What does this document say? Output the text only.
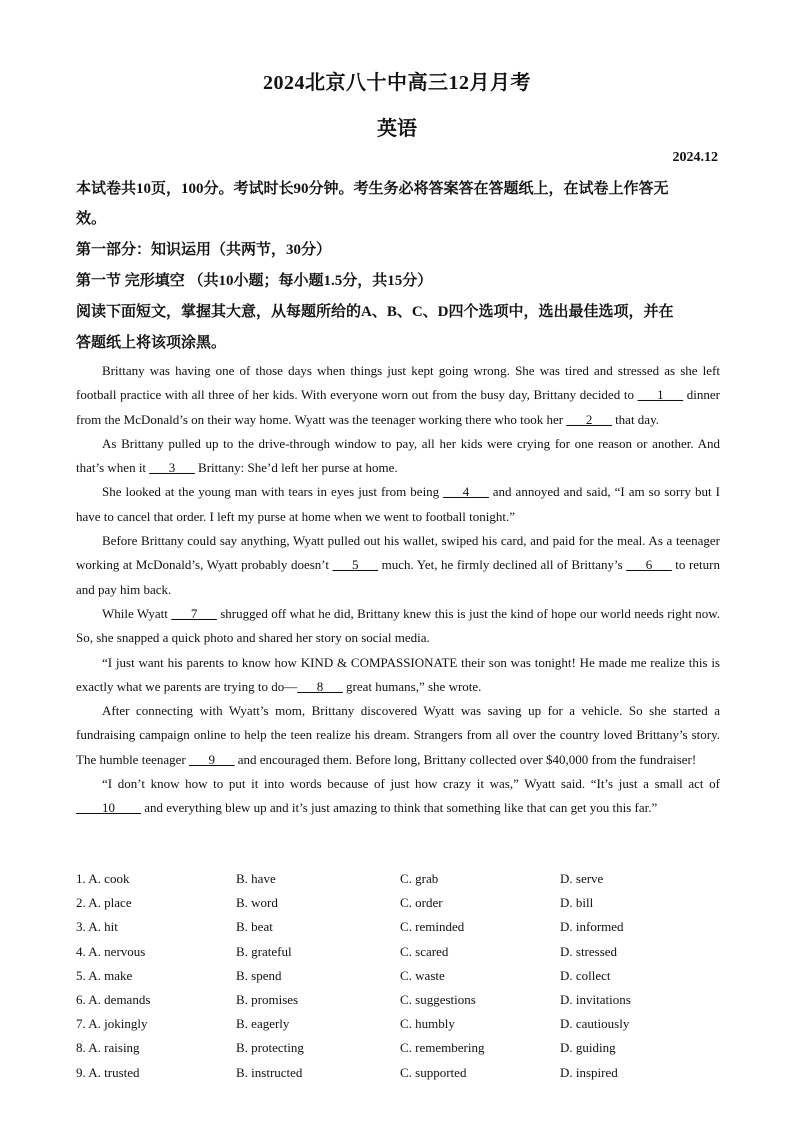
2024北京八十中高三12月月考
英语
2024.12
本试卷共10页，100分。考试时长90分钟。考生务必将答案答在答题纸上，在试卷上作答无
效。
第一部分：知识运用（共两节，30分）
第一节 完形填空 （共10小题；每小题1.5分，共15分）
阅读下面短文，掌握其大意，从每题所给的A、B、C、D四个选项中，选出最佳选项，并在
答题纸上将该项涂黑。

Brittany was having one of those days when things just kept going wrong. She was tired and stressed as she left football practice with all three of her kids. With everyone worn out from the busy day, Brittany decided to ___1___ dinner from the McDonald’s on their way home. Wyatt was the teenager working there who took her ___2___ that day.

As Brittany pulled up to the drive-through window to pay, all her kids were crying for one reason or another. And that’s when it ___3___ Brittany: She’d left her purse at home.

She looked at the young man with tears in eyes just from being ___4___ and annoyed and said, “I am so sorry but I have to cancel that order. I left my purse at home when we went to football tonight.”

Before Brittany could say anything, Wyatt pulled out his wallet, swiped his card, and paid for the meal. As a teenager working at McDonald’s, Wyatt probably doesn’t ___5___ much. Yet, he firmly declined all of Brittany’s ___6___ to return and pay him back.

While Wyatt ___7___ shrugged off what he did, Brittany knew this is just the kind of hope our world needs right now. So, she snapped a quick photo and shared her story on social media.

“I just want his parents to know how KIND & COMPASSIONATE their son was tonight! He made me realize this is exactly what we parents are trying to do—___8___ great humans,” she wrote.

After connecting with Wyatt’s mom, Brittany discovered Wyatt was saving up for a vehicle. So she started a fundraising campaign online to help the teen realize his dream. Strangers from all over the country loved Brittany’s story. The humble teenager ___9___ and encouraged them. Before long, Brittany collected over $40,000 from the fundraiser!

“I don’t know how to put it into words because of just how crazy it was,” Wyatt said. “It’s just a small act of ____10____ and everything blew up and it’s just amazing to think that something like that can get you this far.”

1. A. cook	B. have	C. grab	D. serve
2. A. place	B. word	C. order	D. bill
3. A. hit	B. beat	C. reminded	D. informed
4. A. nervous	B. grateful	C. scared	D. stressed
5. A. make	B. spend	C. waste	D. collect
6. A. demands	B. promises	C. suggestions	D. invitations
7. A. jokingly	B. eagerly	C. humbly	D. cautiously
8. A. raising	B. protecting	C. remembering	D. guiding
9. A. trusted	B. instructed	C. supported	D. inspired
